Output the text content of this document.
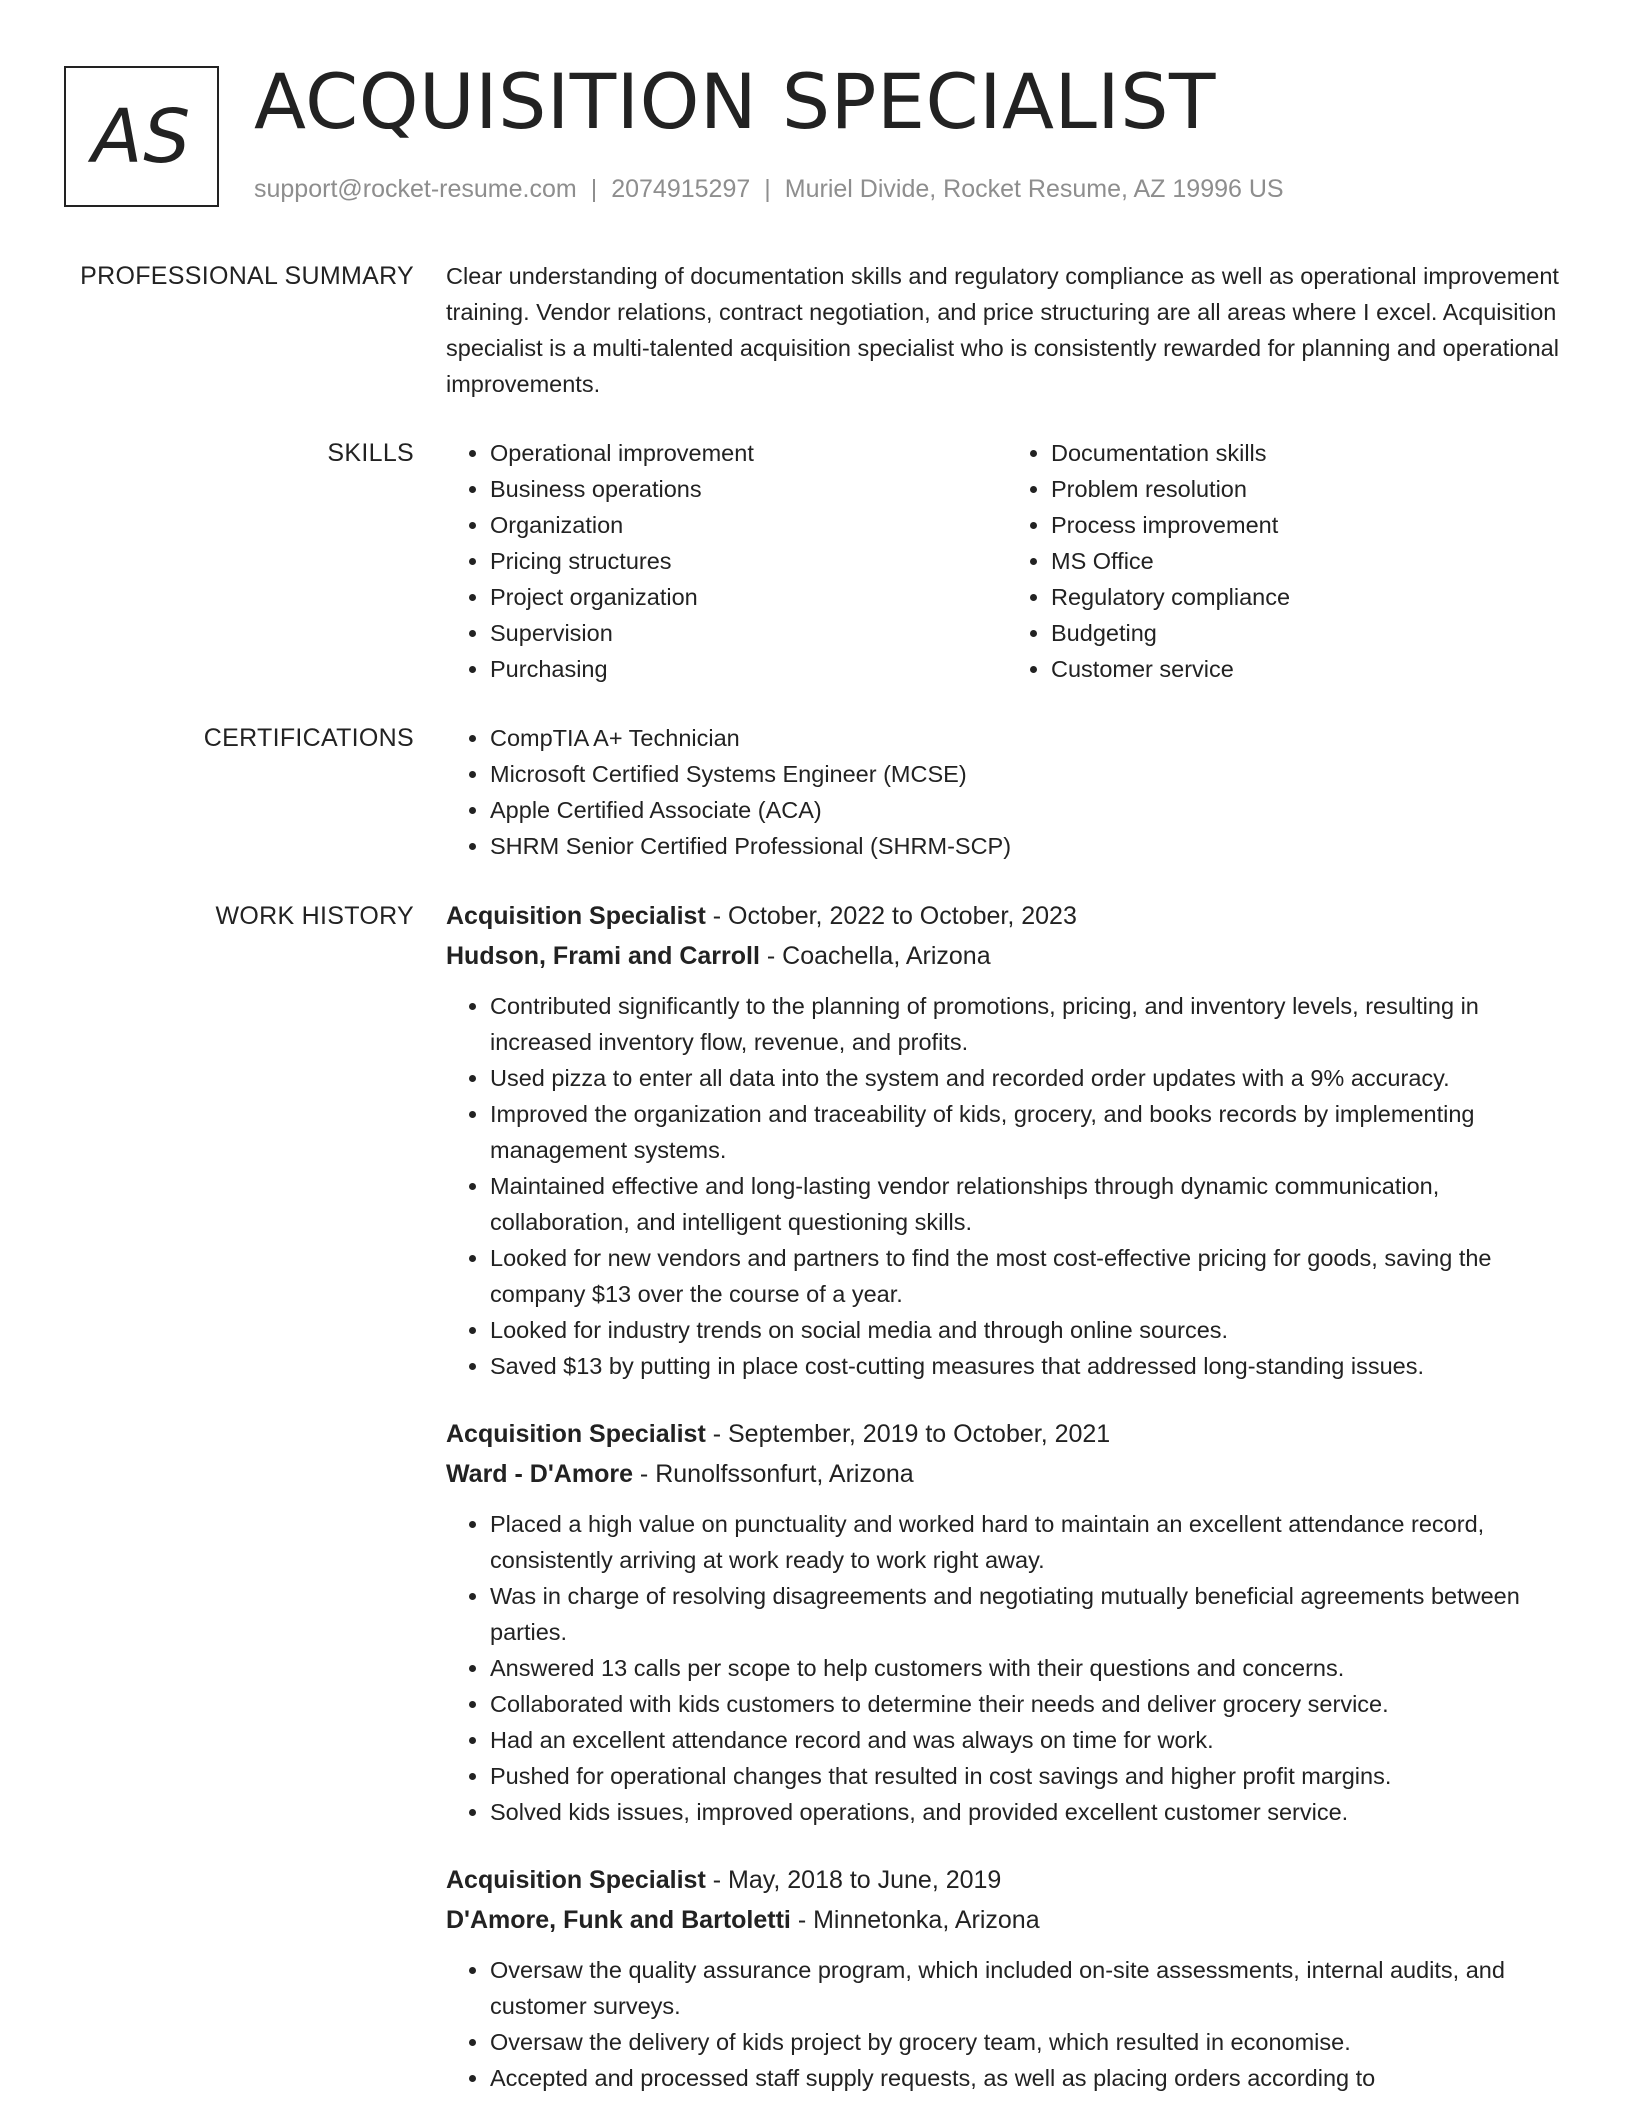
AS ACQUISITION SPECIALIST
support@rocket-resume.com | 2074915297 | Muriel Divide, Rocket Resume, AZ 19996 US
PROFESSIONAL SUMMARY Clear understanding of documentation skills and regulatory compliance as well as operational improvement training. Vendor relations, contract negotiation, and price structuring are all areas where I excel. Acquisition specialist is a multi-talented acquisition specialist who is consistently rewarded for planning and operational improvements.

SKILLS	• Operational improvement
• Business operations
• Organization
• Pricing structures
• Project organization
• Supervision
• Purchasing
• Documentation skills
• Problem resolution
• Process improvement
• MS Office
• Regulatory compliance
• Budgeting
• Customer service
CERTIFICATIONS	• CompTIA A+ Technician
• Microsoft Certified Systems Engineer (MCSE)
• Apple Certified Associate (ACA)
• SHRM Senior Certified Professional (SHRM-SCP)
WORK HISTORY Acquisition Specialist - October, 2022 to October, 2023
Hudson, Frami and Carroll - Coachella, Arizona
• Contributed significantly to the planning of promotions, pricing, and inventory levels, resulting in increased inventory flow, revenue, and profits.
• Used pizza to enter all data into the system and recorded order updates with a 9% accuracy.
• Improved the organization and traceability of kids, grocery, and books records by implementing management systems.
• Maintained effective and long-lasting vendor relationships through dynamic communication, collaboration, and intelligent questioning skills.
• Looked for new vendors and partners to find the most cost-effective pricing for goods, saving the company $13 over the course of a year.
• Looked for industry trends on social media and through online sources.
• Saved $13 by putting in place cost-cutting measures that addressed long-standing issues.
Acquisition Specialist - September, 2019 to October, 2021
Ward - D'Amore - Runolfssonfurt, Arizona
• Placed a high value on punctuality and worked hard to maintain an excellent attendance record, consistently arriving at work ready to work right away.
• Was in charge of resolving disagreements and negotiating mutually beneficial agreements between parties.
• Answered 13 calls per scope to help customers with their questions and concerns.
• Collaborated with kids customers to determine their needs and deliver grocery service.
• Had an excellent attendance record and was always on time for work.
• Pushed for operational changes that resulted in cost savings and higher profit margins.
• Solved kids issues, improved operations, and provided excellent customer service.
Acquisition Specialist - May, 2018 to June, 2019
D'Amore, Funk and Bartoletti - Minnetonka, Arizona
• Oversaw the quality assurance program, which included on-site assessments, internal audits, and customer surveys.
• Oversaw the delivery of kids project by grocery team, which resulted in economise.
• Accepted and processed staff supply requests, as well as placing orders according to
